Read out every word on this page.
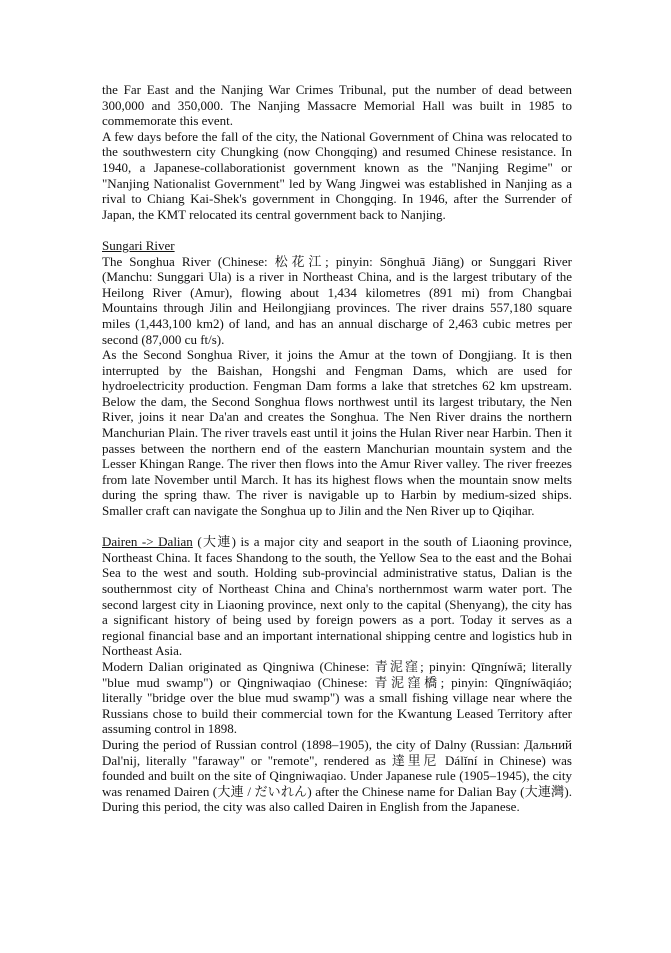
the Far East and the Nanjing War Crimes Tribunal, put the number of dead between 300,000 and 350,000. The Nanjing Massacre Memorial Hall was built in 1985 to commemorate this event.

A few days before the fall of the city, the National Government of China was relocated to the southwestern city Chungking (now Chongqing) and resumed Chinese resistance. In 1940, a Japanese-collaborationist government known as the "Nanjing Regime" or "Nanjing Nationalist Government" led by Wang Jingwei was established in Nanjing as a rival to Chiang Kai-Shek's government in Chongqing. In 1946, after the Surrender of Japan, the KMT relocated its central government back to Nanjing.

Sungari River

The Songhua River (Chinese: 松花江; pinyin: Sōnghuā Jiāng) or Sunggari River (Manchu: Sunggari Ula) is a river in Northeast China, and is the largest tributary of the Heilong River (Amur), flowing about 1,434 kilometres (891 mi) from Changbai Mountains through Jilin and Heilongjiang provinces. The river drains 557,180 square miles (1,443,100 km2) of land, and has an annual discharge of 2,463 cubic metres per second (87,000 cu ft/s).

As the Second Songhua River, it joins the Amur at the town of Dongjiang. It is then interrupted by the Baishan, Hongshi and Fengman Dams, which are used for hydroelectricity production. Fengman Dam forms a lake that stretches 62 km upstream. Below the dam, the Second Songhua flows northwest until its largest tributary, the Nen River, joins it near Da'an and creates the Songhua. The Nen River drains the northern Manchurian Plain. The river travels east until it joins the Hulan River near Harbin. Then it passes between the northern end of the eastern Manchurian mountain system and the Lesser Khingan Range. The river then flows into the Amur River valley. The river freezes from late November until March. It has its highest flows when the mountain snow melts during the spring thaw. The river is navigable up to Harbin by medium-sized ships. Smaller craft can navigate the Songhua up to Jilin and the Nen River up to Qiqihar.

Dairen -> Dalian (大連) is a major city and seaport in the south of Liaoning province, Northeast China. It faces Shandong to the south, the Yellow Sea to the east and the Bohai Sea to the west and south. Holding sub-provincial administrative status, Dalian is the southernmost city of Northeast China and China's northernmost warm water port. The second largest city in Liaoning province, next only to the capital (Shenyang), the city has a significant history of being used by foreign powers as a port. Today it serves as a regional financial base and an important international shipping centre and logistics hub in Northeast Asia.

Modern Dalian originated as Qingniwa (Chinese: 青泥窪; pinyin: Qīngníwā; literally "blue mud swamp") or Qingniwaqiao (Chinese: 青泥窪橋; pinyin: Qīngníwāqiáo; literally "bridge over the blue mud swamp") was a small fishing village near where the Russians chose to build their commercial town for the Kwantung Leased Territory after assuming control in 1898.

During the period of Russian control (1898–1905), the city of Dalny (Russian: Дальний Dal'nij, literally "faraway" or "remote", rendered as 達里尼 Dálǐní in Chinese) was founded and built on the site of Qingniwaqiao. Under Japanese rule (1905–1945), the city was renamed Dairen (大連 / だいれん) after the Chinese name for Dalian Bay (大連灣). During this period, the city was also called Dairen in English from the Japanese.
